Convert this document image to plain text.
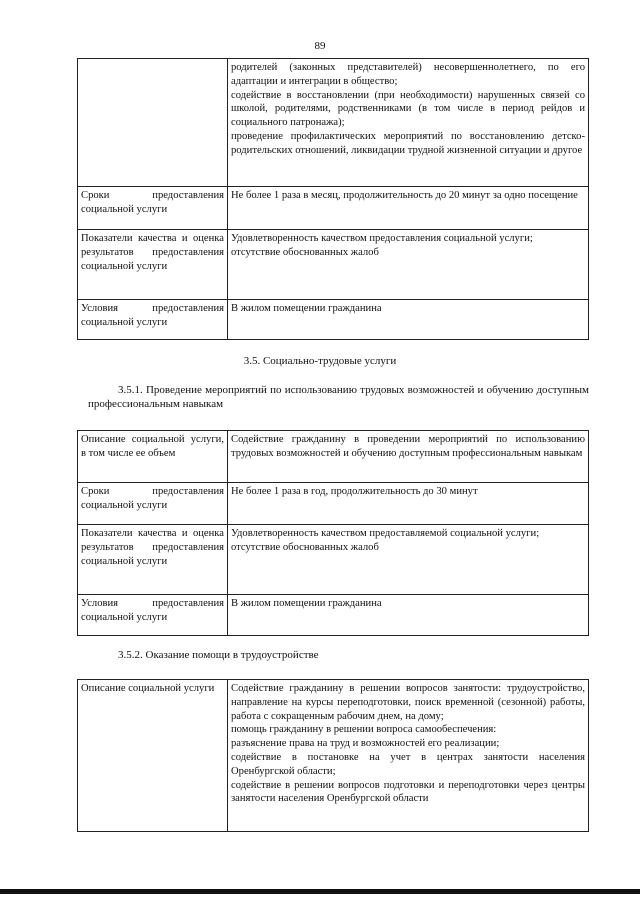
89

	родителей (законных представителей) несовершеннолетнего, по его адаптации и интеграции в общество;
содействие в восстановлении (при необходимости) нарушенных связей со школой, родителями, родственниками (в том числе в период рейдов и социального патронажа);
проведение профилактических мероприятий по восстановлению детско-родительских отношений, ликвидации трудной жизненной ситуации и другое

Сроки предоставления социальной услуги	Не более 1 раза в месяц, продолжительность до 20 минут за одно посещение

Показатели качества и оценка результатов предоставления социальной услуги	Удовлетворенность качеством предоставления социальной услуги;
отсутствие обоснованных жалоб

Условия предоставления социальной услуги	В жилом помещении гражданина
3.5. Социально-трудовые услуги
3.5.1. Проведение мероприятий по использованию трудовых возможностей и обучению доступным профессиональным навыкам
Описание социальной услуги, в том числе ее объем	Содействие гражданину в проведении мероприятий по использованию трудовых возможностей и обучению доступным профессиональным навыкам

Сроки предоставления социальной услуги	Не более 1 раза в год, продолжительность до 30 минут

Показатели качества и оценка результатов предоставления социальной услуги	Удовлетворенность качеством предоставляемой социальной услуги;
отсутствие обоснованных жалоб

Условия предоставления социальной услуги	В жилом помещении гражданина
3.5.2. Оказание помощи в трудоустройстве
Описание социальной услуги	Содействие гражданину в решении вопросов занятости: трудоустройство, направление на курсы переподготовки, поиск временной (сезонной) работы, работа с сокращенным рабочим днем, на дому;
помощь гражданину в решении вопроса самообеспечения:
разъяснение права на труд и возможностей его реализации;
содействие в постановке на учет в центрах занятости населения Оренбургской области;
содействие в решении вопросов подготовки и переподготовки через центры занятости населения Оренбургской области
